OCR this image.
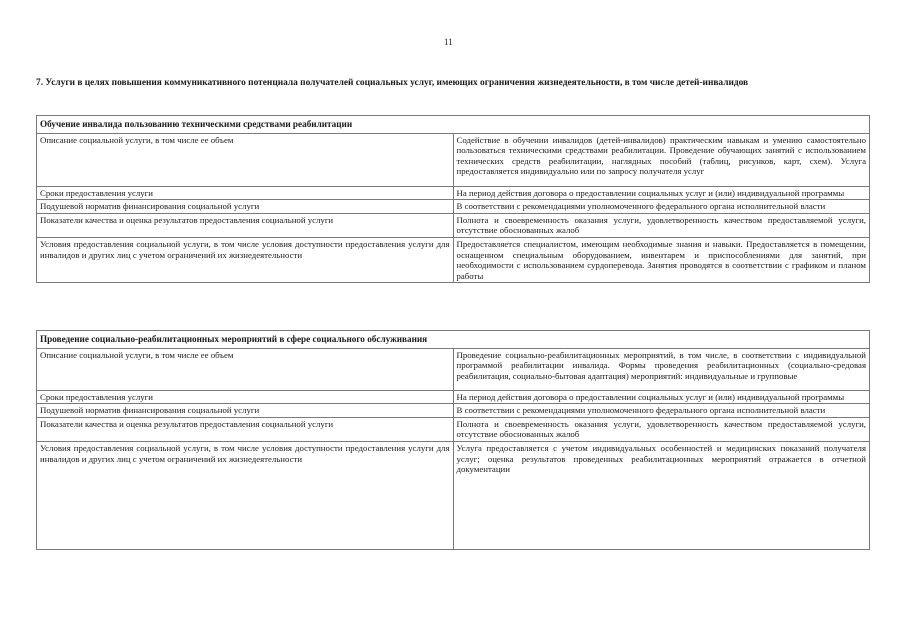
11
7. Услуги в целях повышения коммуникативного потенциала получателей социальных услуг, имеющих ограничения жизнедеятельности, в том числе детей-инвалидов
Обучение инвалида пользованию техническими средствами реабилитации	
Описание социальной услуги, в том числе ее объем	Содействие в обучении инвалидов (детей-инвалидов) практическим навыкам и умению самостоятельно пользоваться техническими средствами реабилитации. Проведение обучающих занятий с использованием технических средств реабилитации, наглядных пособий (таблиц, рисунков, карт, схем). Услуга предоставляется индивидуально или по запросу получателя услуг
Сроки предоставления услуги	На период действия договора о предоставлении социальных услуг и (или) индивидуальной программы
Подушевой норматив финансирования социальной услуги	В соответствии с рекомендациями уполномоченного федерального органа исполнительной власти
Показатели качества и оценка результатов предоставления социальной услуги	Полнота и своевременность оказания услуги, удовлетворенность качеством предоставляемой услуги, отсутствие обоснованных жалоб
Условия предоставления социальной услуги, в том числе условия доступности предоставления услуги для инвалидов и других лиц с учетом ограничений их жизнедеятельности	Предоставляется специалистом, имеющим необходимые знания и навыки. Предоставляется в помещении, оснащенном специальным оборудованием, инвентарем и приспособлениями для занятий, при необходимости с использованием сурдоперевода. Занятия проводятся в соответствии с графиком и планом работы
Проведение социально-реабилитационных мероприятий в сфере социального обслуживания	
Описание социальной услуги, в том числе ее объем	Проведение социально-реабилитационных мероприятий, в том числе, в соответствии с индивидуальной программой реабилитации инвалида. Формы проведения реабилитационных (социально-средовая реабилитация, социально-бытовая адаптация) мероприятий: индивидуальные и групповые
Сроки предоставления услуги	На период действия договора о предоставлении социальных услуг и (или) индивидуальной программы
Подушевой норматив финансирования социальной услуги	В соответствии с рекомендациями уполномоченного федерального органа исполнительной власти
Показатели качества и оценка результатов предоставления социальной услуги	Полнота и своевременность оказания услуги, удовлетворенность качеством предоставляемой услуги, отсутствие обоснованных жалоб
Условия предоставления социальной услуги, в том числе условия доступности предоставления услуги для инвалидов и других лиц с учетом ограничений их жизнедеятельности	Услуга предоставляется с учетом индивидуальных особенностей и медицинских показаний получателя услуг; оценка результатов проведенных реабилитационных мероприятий отражается в отчетной документации
